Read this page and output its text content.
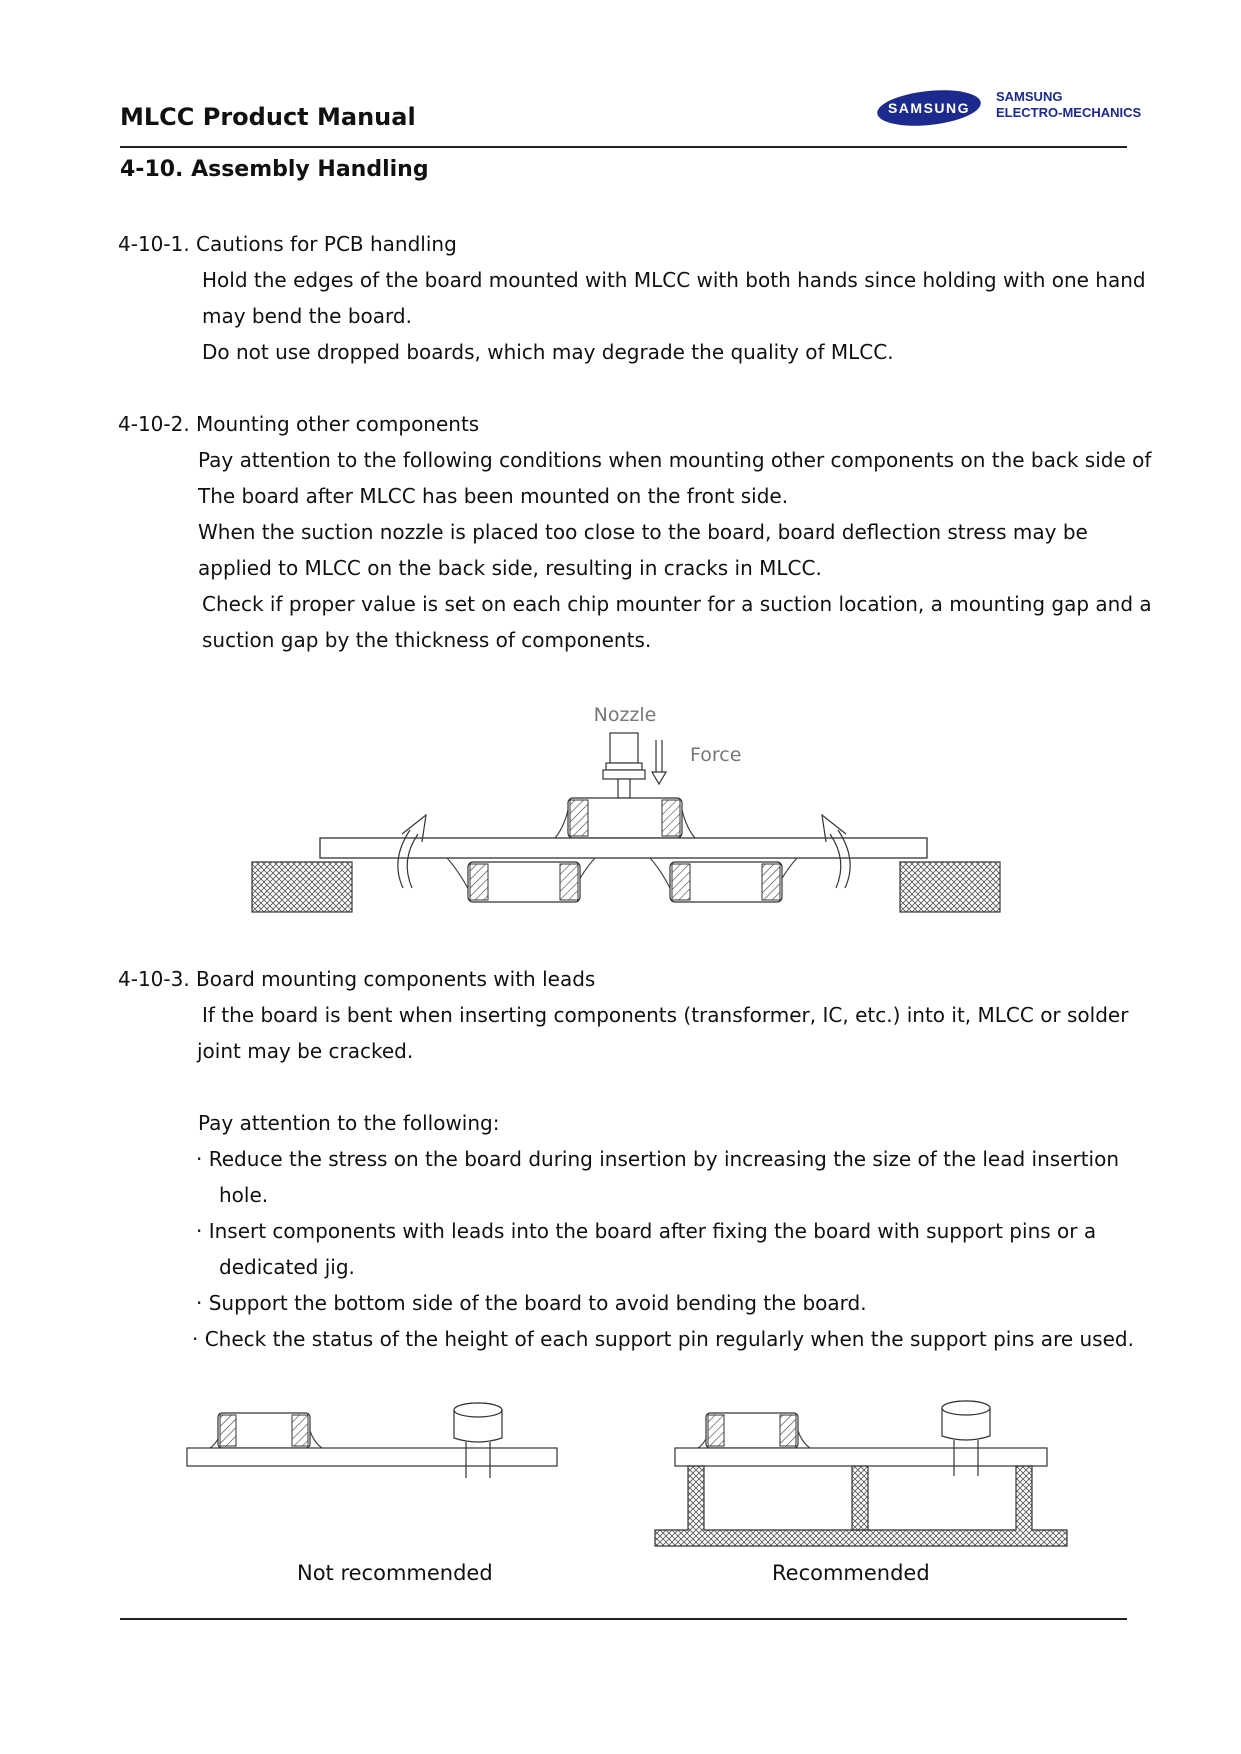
MLCC Product Manual	SAMSUNG
SAMSUNG
ELECTRO-MECHANICS
4-10. Assembly Handling
4-10-1. Cautions for PCB handling
Hold the edges of the board mounted with MLCC with both hands since holding with one hand
may bend the board.
Do not use dropped boards, which may degrade the quality of MLCC.
4-10-2. Mounting other components
Pay attention to the following conditions when mounting other components on the back side of
The board after MLCC has been mounted on the front side.
When the suction nozzle is placed too close to the board, board deflection stress may be
applied to MLCC on the back side, resulting in cracks in MLCC.
Check if proper value is set on each chip mounter for a suction location, a mounting gap and a
suction gap by the thickness of components.
Nozzle
Force
4-10-3. Board mounting components with leads
If the board is bent when inserting components (transformer, IC, etc.) into it, MLCC or solder
joint may be cracked.
Pay attention to the following:
· Reduce the stress on the board during insertion by increasing the size of the lead insertion
hole.
· Insert components with leads into the board after fixing the board with support pins or a
dedicated jig.
· Support the bottom side of the board to avoid bending the board.
· Check the status of the height of each support pin regularly when the support pins are used.
Not recommended	Recommended
